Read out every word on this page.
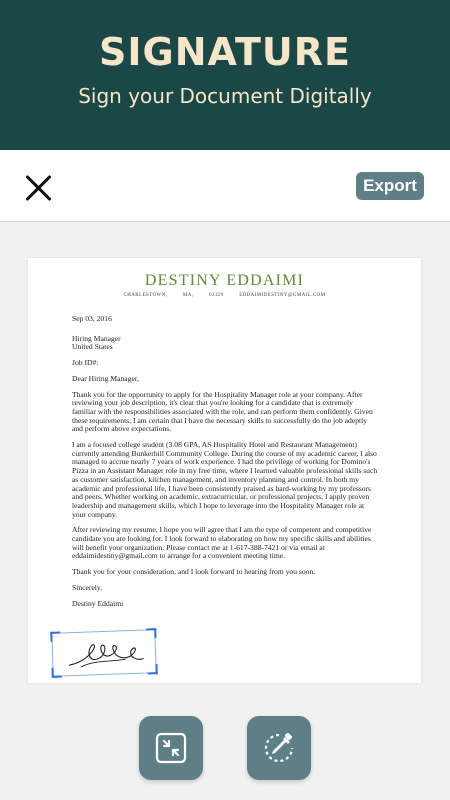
SIGNATURE
Sign your Document Digitally
Export
DESTINY EDDAIMI
CHARLESTOWN, MA, 02129 EDDAIMIDESTINY@GMAIL.COM

Sep 03, 2016

Hiring Manager

United States

Job ID#:

Dear Hiring Manager,

Thank you for the opportunity to apply for the Hospitality Manager role at your company. After reviewing your job description, it's clear that you're looking for a candidate that is extremely familiar with the responsibilities associated with the role, and can perform them confidently. Given these requirements, I am certain that I have the necessary skills to successfully do the job adeptly and perform above expectations.

I am a focused college student (3.08 GPA, AS Hospitality Hotel and Restaurant Management) currently attending Bunkerhill Community College. During the course of my academic career, I also managed to accrue nearly 7 years of work experience. I had the privilege of working for Domino's Pizza in an Assistant Manager role in my free time, where I learned valuable professional skills such as customer satisfaction, kitchen management, and inventory planning and control. In both my academic and professional life, I have been consistently praised as hard-working by my professors and peers. Whether working on academic, extracurricular, or professional projects, I apply proven leadership and management skills, which I hope to leverage into the Hospitality Manager role at your company.

After reviewing my resume, I hope you will agree that I am the type of competent and competitive candidate you are looking for. I look forward to elaborating on how my specific skills and abilities will benefit your organization. Please contact me at 1-617-388-7421 or via email at eddaimidestiny@gmail.com to arrange for a convenient meeting time.

Thank you for your consideration, and I look forward to hearing from you soon.

Sincerely,

Destiny Eddaimi
